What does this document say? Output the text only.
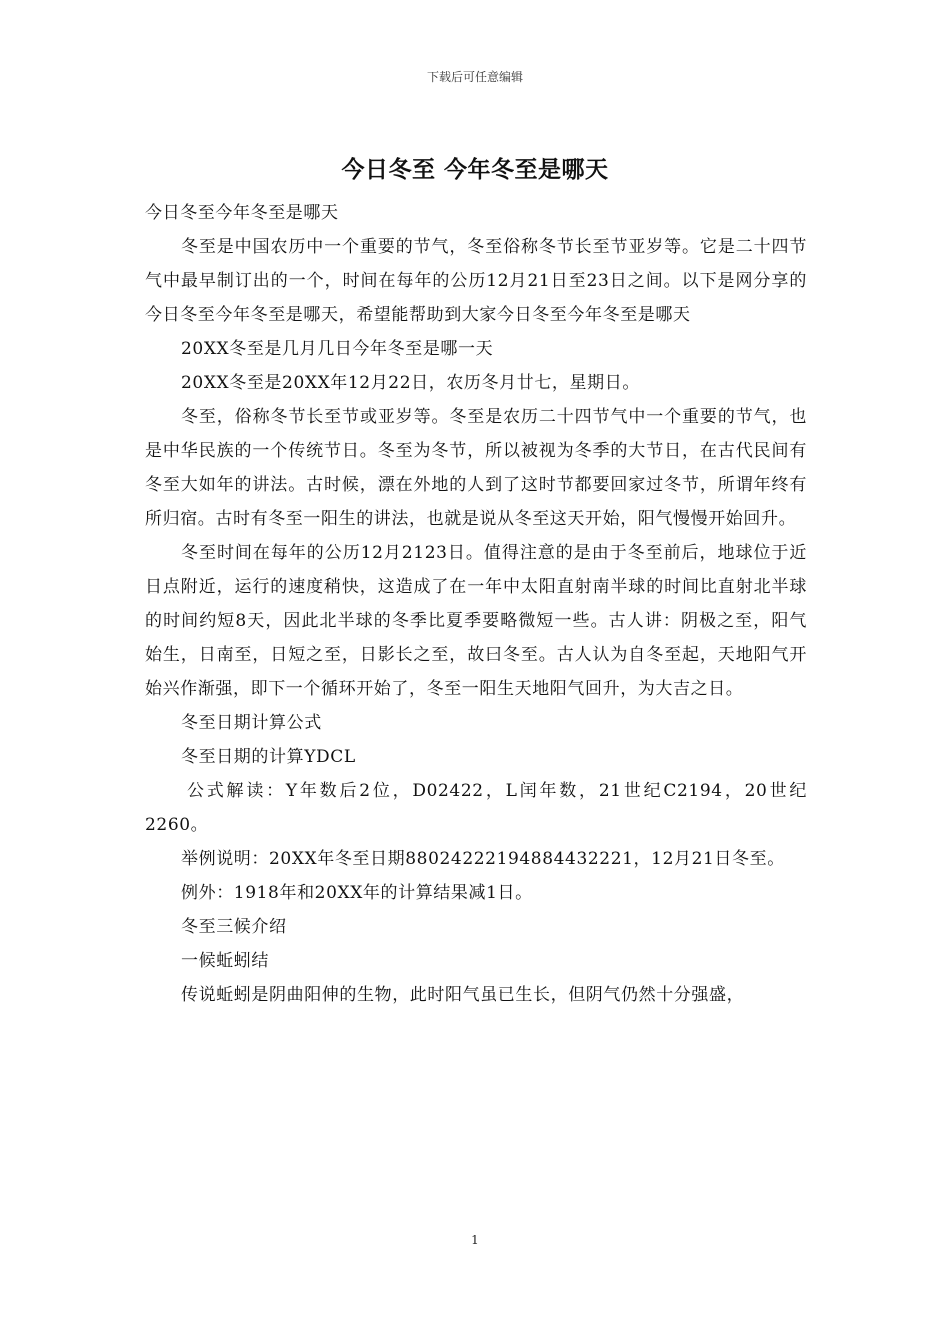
下载后可任意编辑
今日冬至 今年冬至是哪天

今日冬至今年冬至是哪天

冬至是中国农历中一个重要的节气，冬至俗称冬节长至节亚岁等。它是二十四节气中最早制订出的一个，时间在每年的公历12月21日至23日之间。以下是网分享的今日冬至今年冬至是哪天，希望能帮助到大家今日冬至今年冬至是哪天

20XX冬至是几月几日今年冬至是哪一天

20XX冬至是20XX年12月22日，农历冬月廿七，星期日。

冬至，俗称冬节长至节或亚岁等。冬至是农历二十四节气中一个重要的节气，也是中华民族的一个传统节日。冬至为冬节，所以被视为冬季的大节日，在古代民间有冬至大如年的讲法。古时候，漂在外地的人到了这时节都要回家过冬节，所谓年终有所归宿。古时有冬至一阳生的讲法，也就是说从冬至这天开始，阳气慢慢开始回升。

冬至时间在每年的公历12月2123日。值得注意的是由于冬至前后，地球位于近日点附近，运行的速度稍快，这造成了在一年中太阳直射南半球的时间比直射北半球的时间约短8天，因此北半球的冬季比夏季要略微短一些。古人讲：阴极之至，阳气始生，日南至，日短之至，日影长之至，故曰冬至。古人认为自冬至起，天地阳气开始兴作渐强，即下一个循环开始了，冬至一阳生天地阳气回升，为大吉之日。

冬至日期计算公式

冬至日期的计算YDCL

公式解读：Y年数后2位，D02422，L闰年数，21世纪C2194，20世纪2260。

举例说明：20XX年冬至日期88024222194884432221，12月21日冬至。

例外：1918年和20XX年的计算结果减1日。

冬至三候介绍

一候蚯蚓结

传说蚯蚓是阴曲阳伸的生物，此时阳气虽已生长，但阴气仍然十分强盛，

1
